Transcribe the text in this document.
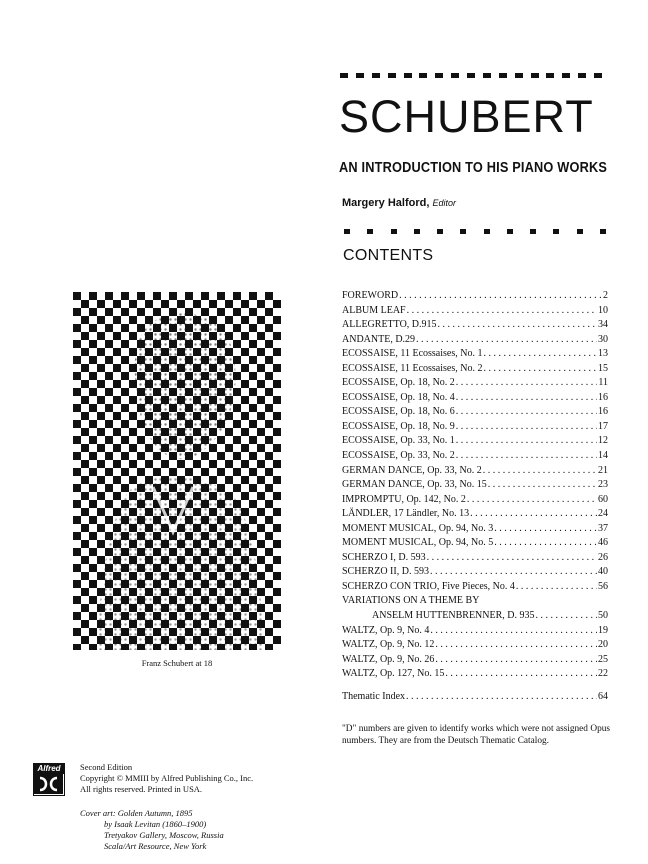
SCHUBERT
AN INTRODUCTION TO HIS PIANO WORKS
Margery Halford, Editor
CONTENTS
FOREWORD . . .	2
ALBUM LEAF . . .	10
ALLEGRETTO, D.915 . . .	34
ANDANTE, D.29 . . .	30
ECOSSAISE, 11 Ecossaises, No. 1 . . .	13
ECOSSAISE, 11 Ecossaises, No. 2 . . .	15
ECOSSAISE, Op. 18, No. 2 . . .	11
ECOSSAISE, Op. 18, No. 4 . . .	16
ECOSSAISE, Op. 18, No. 6 . . .	16
ECOSSAISE, Op. 18, No. 9 . . .	17
ECOSSAISE, Op. 33, No. 1 . . .	12
ECOSSAISE, Op. 33, No. 2 . . .	14
GERMAN DANCE, Op. 33, No. 2 . . .	21
GERMAN DANCE, Op. 33, No. 15 . . .	23
IMPROMPTU, Op. 142, No. 2 . . .	60
LÄNDLER, 17 Ländler, No. 13 . . .	24
MOMENT MUSICAL, Op. 94, No. 3 . . .	37
MOMENT MUSICAL, Op. 94, No. 5 . . .	46
SCHERZO I, D. 593 . . .	26
SCHERZO II, D. 593 . . .	40
SCHERZO CON TRIO, Five Pieces, No. 4 . . .	56
VARIATIONS ON A THEME BY
ANSELM HUTTENBRENNER, D. 935 . . .	50
WALTZ, Op. 9, No. 4 . . .	19
WALTZ, Op. 9, No. 12 . . .	20
WALTZ, Op. 9, No. 26 . . .	25
WALTZ, Op. 127, No. 15 . . .	22
Thematic Index . . .	64
"D" numbers are given to identify works which were not assigned Opus numbers. They are from the Deutsch Thematic Catalog.
Franz Schubert at 18
Alfred	Second Edition
Copyright © MMIII by Alfred Publishing Co., Inc.
All rights reserved. Printed in USA.
Cover art: Golden Autumn, 1895
by Isaak Levitan (1860–1900)
Tretyakov Gallery, Moscow, Russia
Scala/Art Resource, New York
